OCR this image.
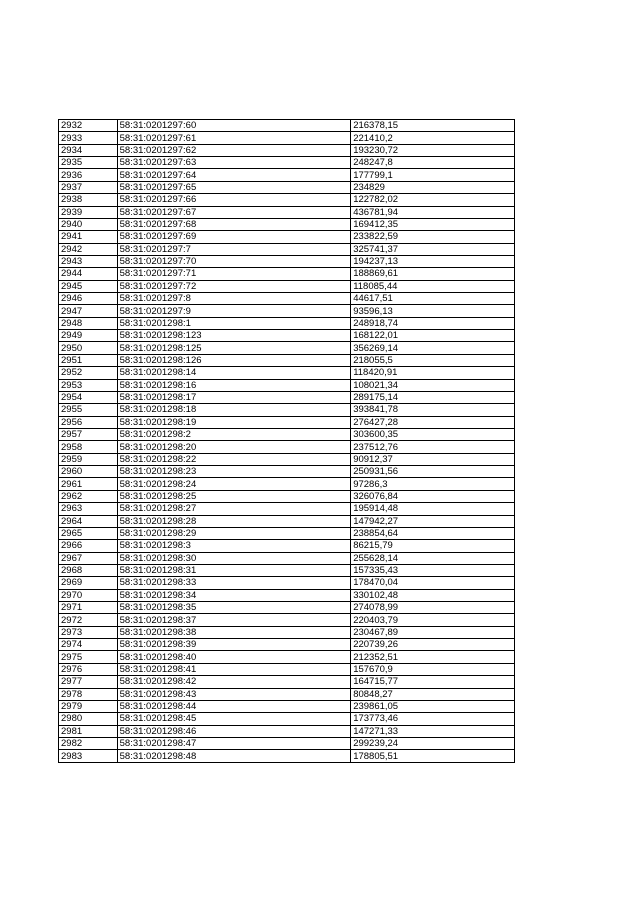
2932	58:31:0201297:60	216378,15
2933	58:31:0201297:61	221410,2
2934	58:31:0201297:62	193230,72
2935	58:31:0201297:63	248247,8
2936	58:31:0201297:64	177799,1
2937	58:31:0201297:65	234829
2938	58:31:0201297:66	122782,02
2939	58:31:0201297:67	436781,94
2940	58:31:0201297:68	169412,35
2941	58:31:0201297:69	233822,59
2942	58:31:0201297:7	325741,37
2943	58:31:0201297:70	194237,13
2944	58:31:0201297:71	188869,61
2945	58:31:0201297:72	118085,44
2946	58:31:0201297:8	44617,51
2947	58:31:0201297:9	93596,13
2948	58:31:0201298:1	248918,74
2949	58:31:0201298:123	168122,01
2950	58:31:0201298:125	356269,14
2951	58:31:0201298:126	218055,5
2952	58:31:0201298:14	118420,91
2953	58:31:0201298:16	108021,34
2954	58:31:0201298:17	289175,14
2955	58:31:0201298:18	393841,78
2956	58:31:0201298:19	276427,28
2957	58:31:0201298:2	303600,35
2958	58:31:0201298:20	237512,76
2959	58:31:0201298:22	90912,37
2960	58:31:0201298:23	250931,56
2961	58:31:0201298:24	97286,3
2962	58:31:0201298:25	326076,84
2963	58:31:0201298:27	195914,48
2964	58:31:0201298:28	147942,27
2965	58:31:0201298:29	238854,64
2966	58:31:0201298:3	86215,79
2967	58:31:0201298:30	255628,14
2968	58:31:0201298:31	157335,43
2969	58:31:0201298:33	178470,04
2970	58:31:0201298:34	330102,48
2971	58:31:0201298:35	274078,99
2972	58:31:0201298:37	220403,79
2973	58:31:0201298:38	230467,89
2974	58:31:0201298:39	220739,26
2975	58:31:0201298:40	212352,51
2976	58:31:0201298:41	157670,9
2977	58:31:0201298:42	164715,77
2978	58:31:0201298:43	80848,27
2979	58:31:0201298:44	239861,05
2980	58:31:0201298:45	173773,46
2981	58:31:0201298:46	147271,33
2982	58:31:0201298:47	299239,24
2983	58:31:0201298:48	178805,51
